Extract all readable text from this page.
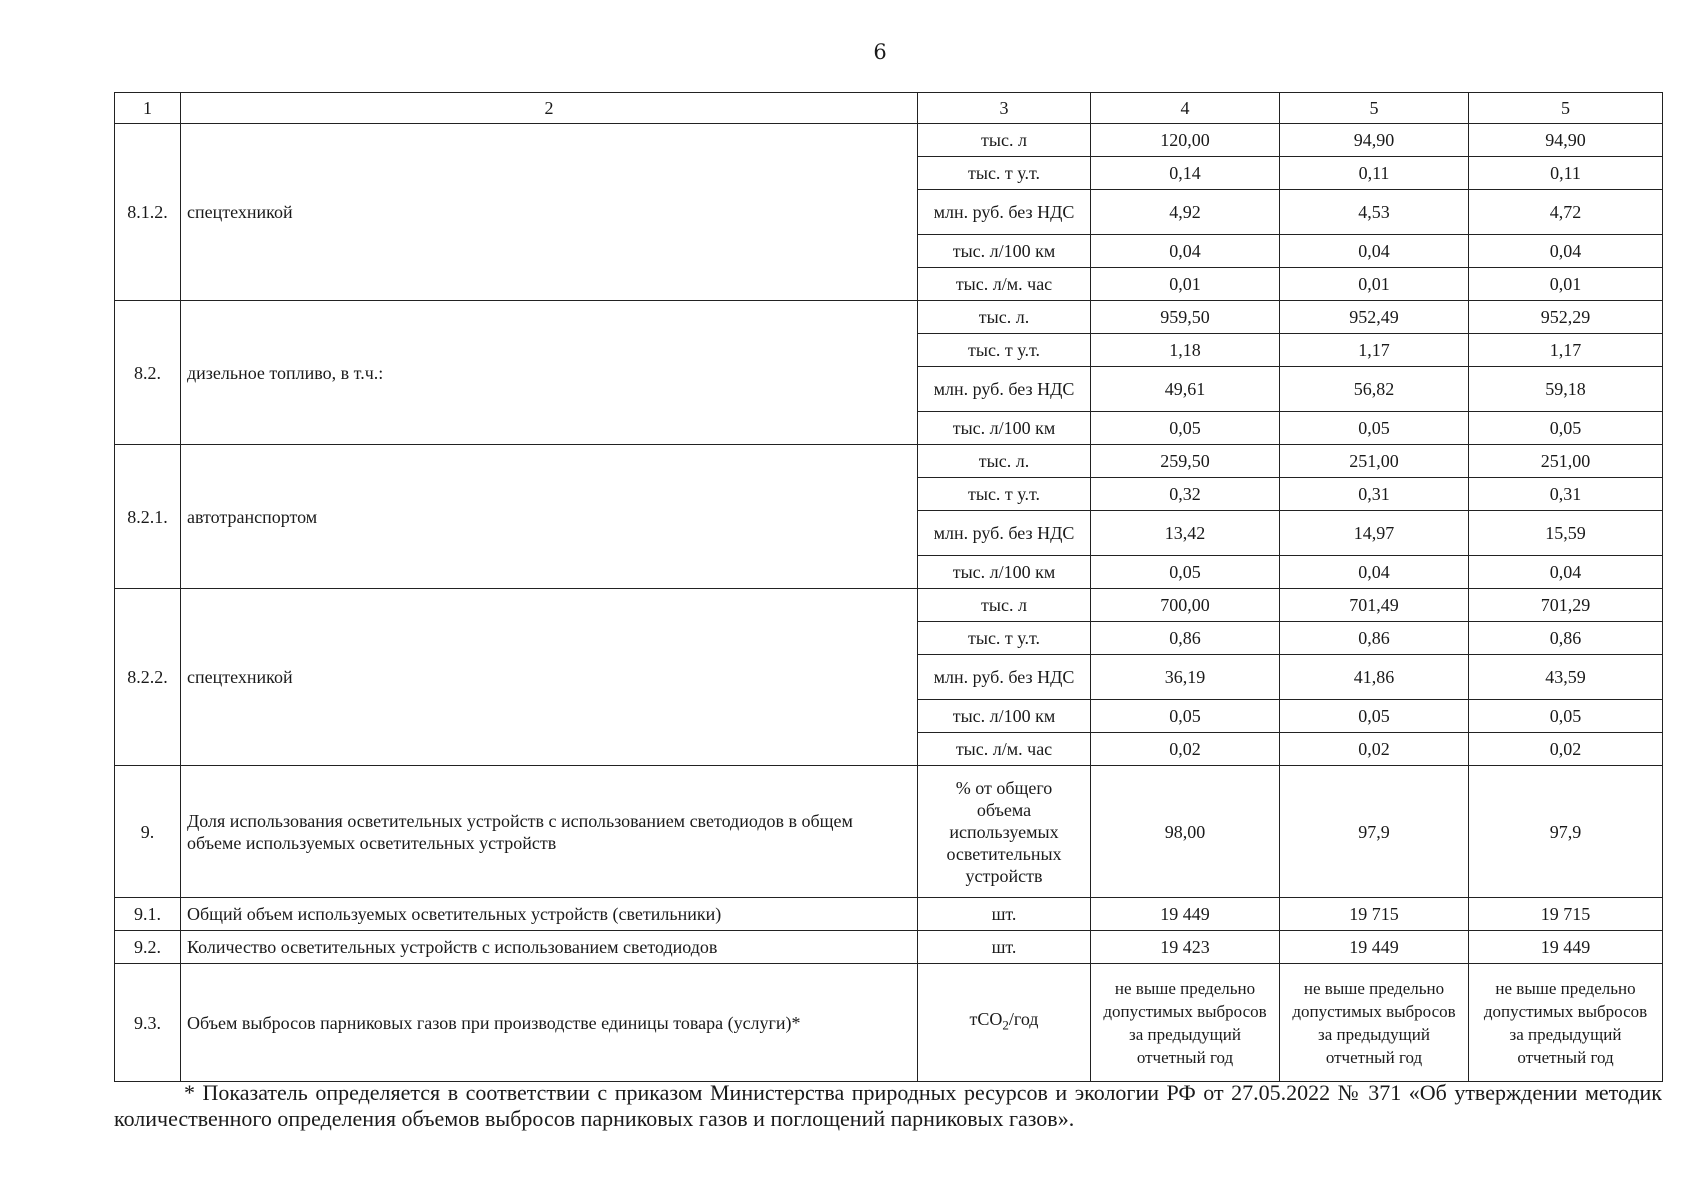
6
1	2	3	4	5	5
8.1.2.	спецтехникой	тыс. л	120,00	94,90	94,90
		тыс. т у.т.	0,14	0,11	0,11
		млн. руб. без НДС	4,92	4,53	4,72
		тыс. л/100 км	0,04	0,04	0,04
		тыс. л/м. час	0,01	0,01	0,01
8.2.	дизельное топливо, в т.ч.:	тыс. л.	959,50	952,49	952,29
		тыс. т у.т.	1,18	1,17	1,17
		млн. руб. без НДС	49,61	56,82	59,18
		тыс. л/100 км	0,05	0,05	0,05
8.2.1.	автотранспортом	тыс. л.	259,50	251,00	251,00
		тыс. т у.т.	0,32	0,31	0,31
		млн. руб. без НДС	13,42	14,97	15,59
		тыс. л/100 км	0,05	0,04	0,04
8.2.2.	спецтехникой	тыс. л	700,00	701,49	701,29
		тыс. т у.т.	0,86	0,86	0,86
		млн. руб. без НДС	36,19	41,86	43,59
		тыс. л/100 км	0,05	0,05	0,05
		тыс. л/м. час	0,02	0,02	0,02
9.	Доля использования осветительных устройств с использованием светодиодов в общем объеме используемых осветительных устройств	% от общего объема используемых осветительных устройств	98,00	97,9	97,9
9.1.	Общий объем используемых осветительных устройств (светильники)	шт.	19 449	19 715	19 715
9.2.	Количество осветительных устройств с использованием светодиодов	шт.	19 423	19 449	19 449
9.3.	Объем выбросов парниковых газов при производстве единицы товара (услуги)*	тСО$_2$/год	не выше предельно допустимых выбросов за предыдущий отчетный год	не выше предельно допустимых выбросов за предыдущий отчетный год	не выше предельно допустимых выбросов за предыдущий отчетный год
* Показатель определяется в соответствии с приказом Министерства природных ресурсов и экологии РФ от 27.05.2022 № 371 «Об утверждении методик количественного определения объемов выбросов парниковых газов и поглощений парниковых газов».
